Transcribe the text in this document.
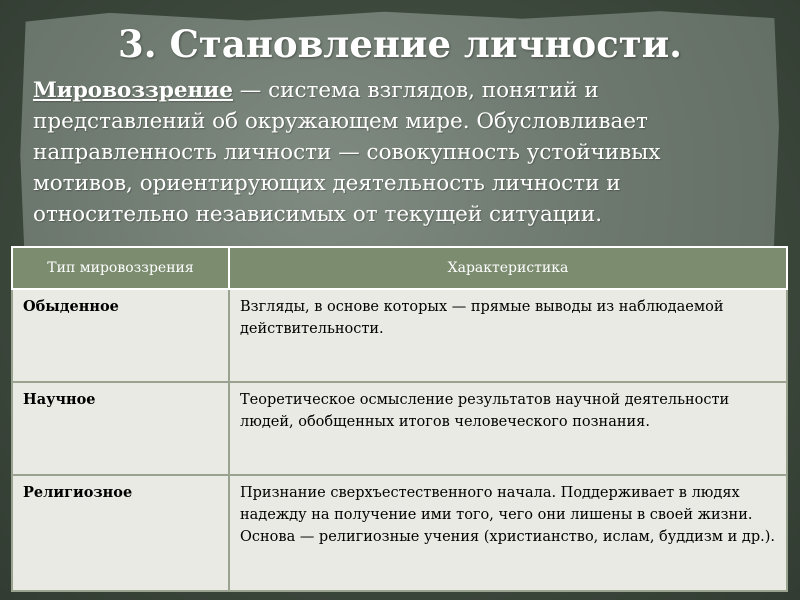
3. Становление личности.
Мировоззрение — система взглядов, понятий и представлений об окружающем мире. Обусловливает направленность личности — совокупность устойчивых мотивов, ориентирующих деятельность личности и относительно независимых от текущей ситуации.
Тип мировоззрения	Характеристика
Обыденное	Взгляды, в основе которых — прямые выводы из наблюдаемой действительности.
Научное	Теоретическое осмысление результатов научной деятельности людей, обобщенных итогов человеческого познания.
Религиозное	Признание сверхъестественного начала. Поддерживает в людях надежду на получение ими того, чего они лишены в своей жизни. Основа — религиозные учения (христианство, ислам, буддизм и др.).
